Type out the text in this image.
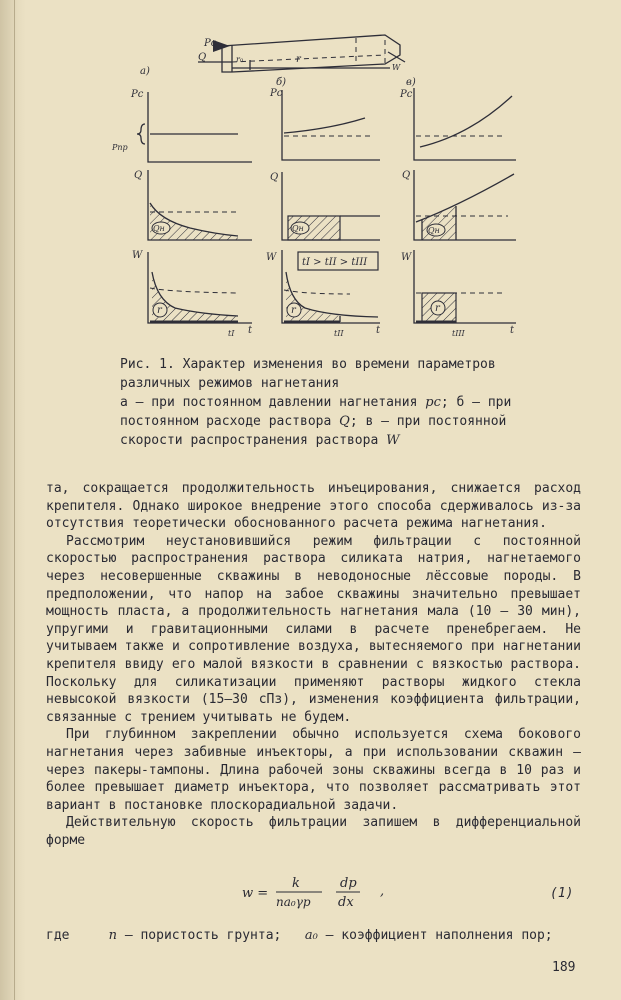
Pc
Q	r₀	r
W
а)
б)	в)
Pc
Pпр
Pc	Pc
Q
Qн
Q
Qн
Q
Qн
tI > tII > tIII
W
r
tI t
W
r
tII	t
W
r
tIII	t

Рис. 1. Характер изменения во времени параметров различных режимов нагнетания

а – при постоянном давлении нагнетания pc; б – при постоянном расходе раствора Q; в – при постоянной скорости распространения раствора W

та, сокращается продолжительность инъецирования, снижается расход крепителя. Однако широкое внедрение этого способа сдерживалось из-за отсутствия теоретически обоснованного расчета режима нагнетания.

Рассмотрим неустановившийся режим фильтрации с постоянной скоростью распространения раствора силиката натрия, нагнетаемого через несовершенные скважины в неводоносные лёссовые породы. В предположении, что напор на забое скважины значительно превышает мощность пласта, а продолжительность нагнетания мала (10 – 30 мин), упругими и гравитационными силами в расчете пренебрегаем. Не учитываем также и сопротивление воздуха, вытесняемого при нагнетании крепителя ввиду его малой вязкости в сравнении с вязкостью раствора. Поскольку для силикатизации применяют растворы жидкого стекла невысокой вязкости (15–30 сПз), изменения коэффициента фильтрации, связанные с трением учитывать не будем.

При глубинном закреплении обычно используется схема бокового нагнетания через забивные инъекторы, а при использовании скважин – через пакеры-тампоны. Длина рабочей зоны скважины всегда в 10 раз и более превышает диаметр инъектора, что позволяет рассматривать этот вариант в постановке плоскорадиальной задачи.

Действительную скорость фильтрации запишем в дифференциальной форме

w =
k
na₀γp
dp
dx
,	(1)
где	n – пористость грунта; a₀ – коэффициент наполнения пор;
189
